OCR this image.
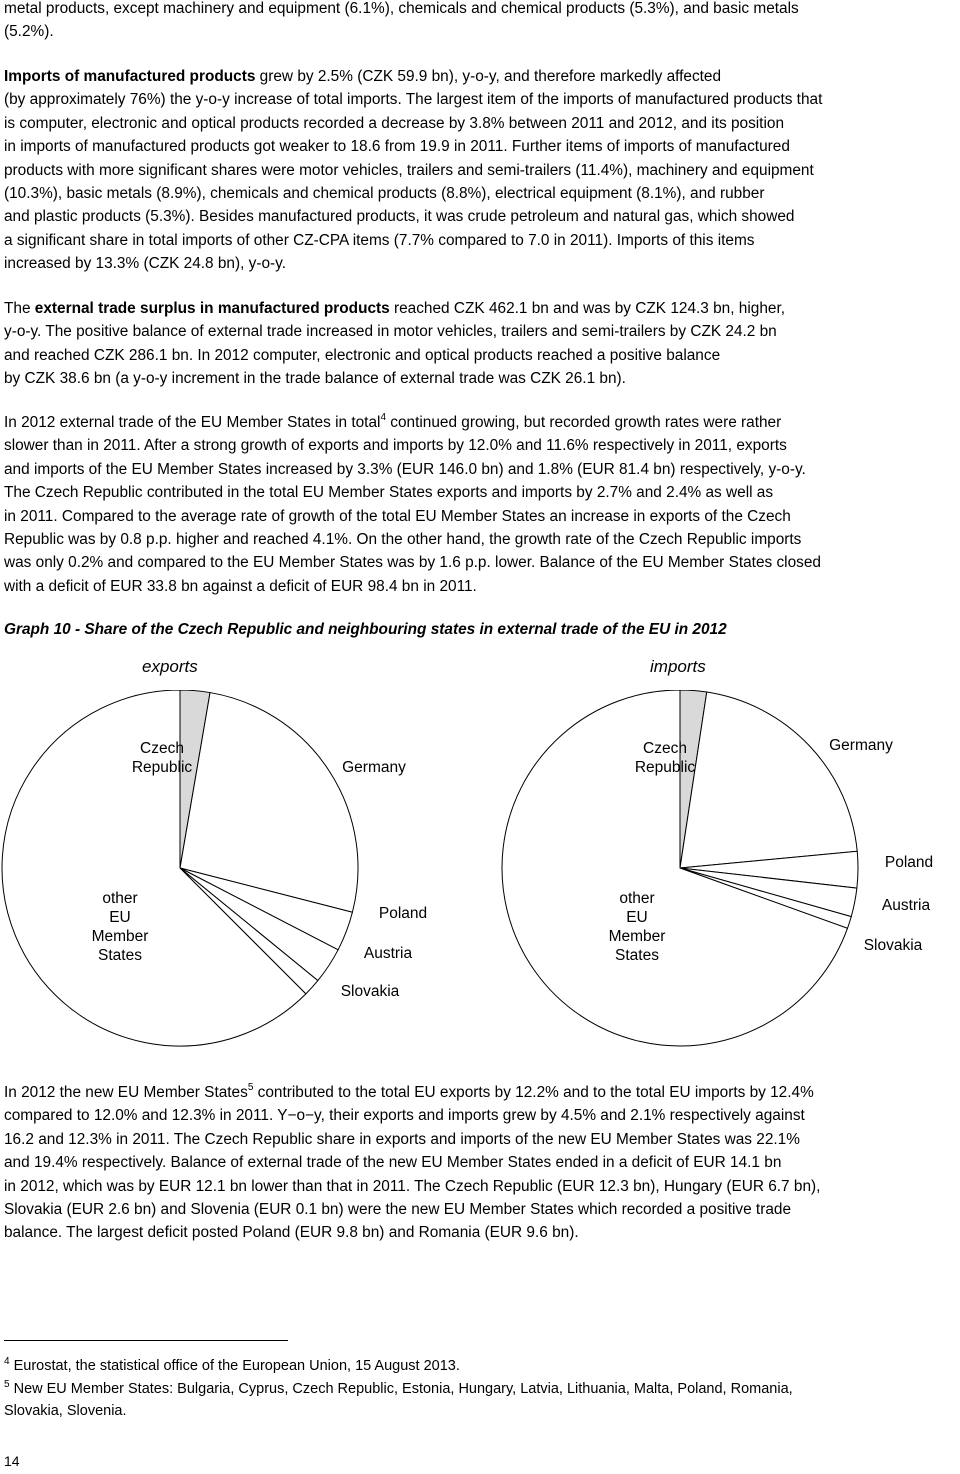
metal products, except machinery and equipment (6.1%), chemicals and chemical products (5.3%), and basic metals
(5.2%).

Imports of manufactured products grew by 2.5% (CZK 59.9 bn), y-o-y, and therefore markedly affected
(by approximately 76%) the y-o-y increase of total imports. The largest item of the imports of manufactured products that
is computer, electronic and optical products recorded a decrease by 3.8% between 2011 and 2012, and its position
in imports of manufactured products got weaker to 18.6 from 19.9 in 2011. Further items of imports of manufactured
products with more significant shares were motor vehicles, trailers and semi-trailers (11.4%), machinery and equipment
(10.3%), basic metals (8.9%), chemicals and chemical products (8.8%), electrical equipment (8.1%), and rubber
and plastic products (5.3%). Besides manufactured products, it was crude petroleum and natural gas, which showed
a significant share in total imports of other CZ-CPA items (7.7% compared to 7.0 in 2011). Imports of this items
increased by 13.3% (CZK 24.8 bn), y-o-y.

The external trade surplus in manufactured products reached CZK 462.1 bn and was by CZK 124.3 bn, higher,
y-o-y. The positive balance of external trade increased in motor vehicles, trailers and semi-trailers by CZK 24.2 bn
and reached CZK 286.1 bn. In 2012 computer, electronic and optical products reached a positive balance
by CZK 38.6 bn (a y-o-y increment in the trade balance of external trade was CZK 26.1 bn).

In 2012 external trade of the EU Member States in total$^4$ continued growing, but recorded growth rates were rather
slower than in 2011. After a strong growth of exports and imports by 12.0% and 11.6% respectively in 2011, exports
and imports of the EU Member States increased by 3.3% (EUR 146.0 bn) and 1.8% (EUR 81.4 bn) respectively, y-o-y.
The Czech Republic contributed in the total EU Member States exports and imports by 2.7% and 2.4% as well as
in 2011. Compared to the average rate of growth of the total EU Member States an increase in exports of the Czech
Republic was by 0.8 p.p. higher and reached 4.1%. On the other hand, the growth rate of the Czech Republic imports
was only 0.2% and compared to the EU Member States was by 1.6 p.p. lower. Balance of the EU Member States closed
with a deficit of EUR 33.8 bn against a deficit of EUR 98.4 bn in 2011.

Graph 10 - Share of the Czech Republic and neighbouring states in external trade of the EU in 2012

exports	imports
Czech Republic	Germany
Poland
Austria
Slovakia
other EU Member States
Czech Republic
Germany
Poland
Austria
Slovakia
other EU Member States

In 2012 the new EU Member States$^5$ contributed to the total EU exports by 12.2% and to the total EU imports by 12.4%
compared to 12.0% and 12.3% in 2011. Y−o−y, their exports and imports grew by 4.5% and 2.1% respectively against
16.2 and 12.3% in 2011. The Czech Republic share in exports and imports of the new EU Member States was 22.1%
and 19.4% respectively. Balance of external trade of the new EU Member States ended in a deficit of EUR 14.1 bn
in 2012, which was by EUR 12.1 bn lower than that in 2011. The Czech Republic (EUR 12.3 bn), Hungary (EUR 6.7 bn),
Slovakia (EUR 2.6 bn) and Slovenia (EUR 0.1 bn) were the new EU Member States which recorded a positive trade
balance. The largest deficit posted Poland (EUR 9.8 bn) and Romania (EUR 9.6 bn).

$^4$ Eurostat, the statistical office of the European Union, 15 August 2013.

$^5$ New EU Member States: Bulgaria, Cyprus, Czech Republic, Estonia, Hungary, Latvia, Lithuania, Malta, Poland, Romania,
Slovakia, Slovenia.

14
